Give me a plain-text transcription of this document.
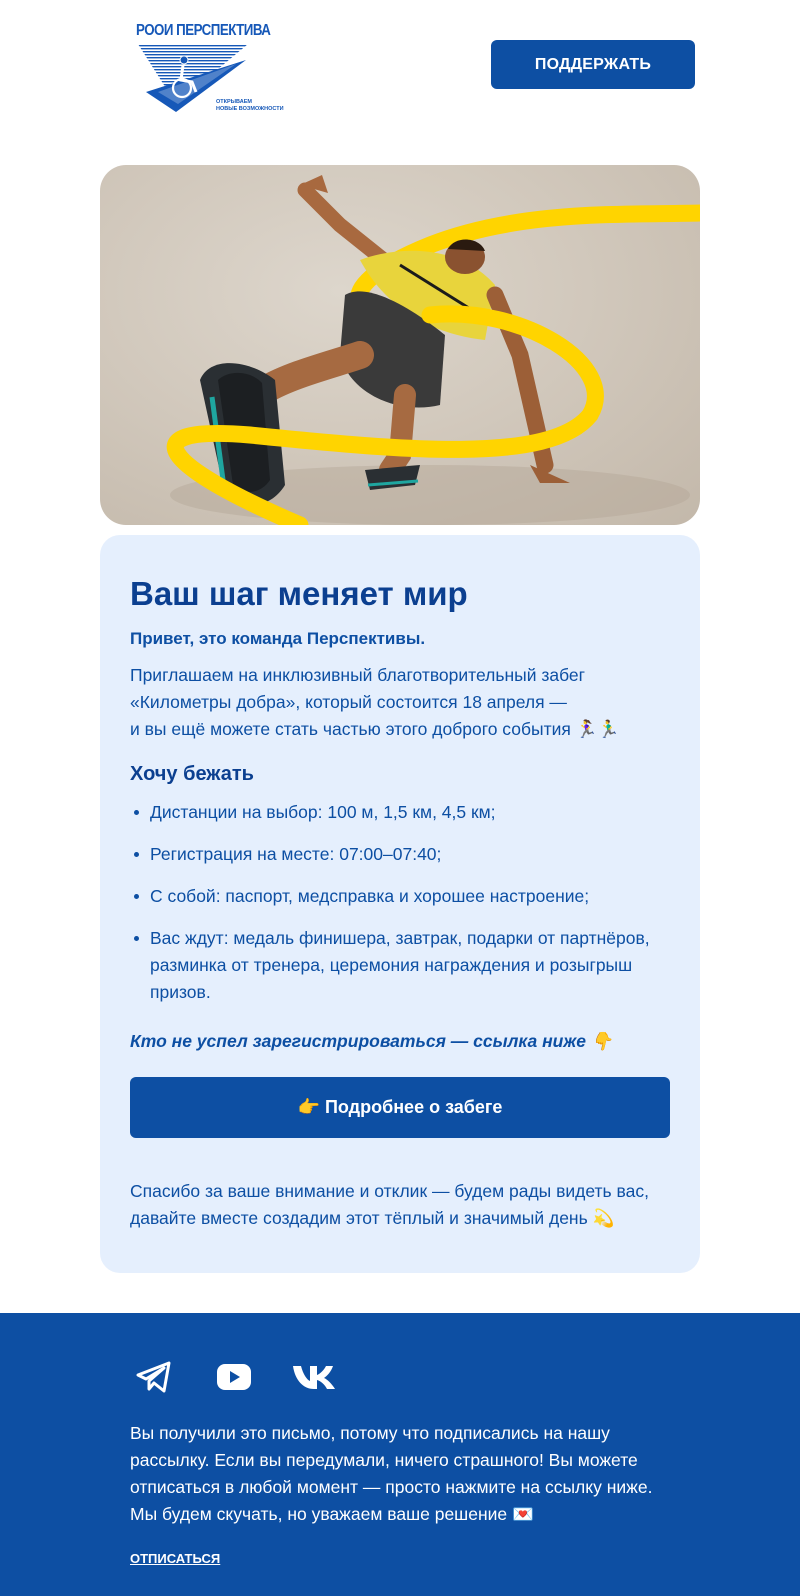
РООИ ПЕРСПЕКТИВА
ОТКРЫВАЕМ
НОВЫЕ ВОЗМОЖНОСТИ
ПОДДЕРЖАТЬ
Ваш шаг меняет мир
Привет, это команда Перспективы.
Приглашаем на инклюзивный благотворительный забег
«Километры добра», который состоится 18 апреля —
и вы ещё можете стать частью этого доброго события 🏃‍♀️🏃‍♂️
Хочу бежать
Дистанции на выбор: 100 м, 1,5 км, 4,5 км;
Регистрация на месте: 07:00–07:40;
С собой: паспорт, медсправка и хорошее настроение;
Вас ждут: медаль финишера, завтрак, подарки от партнёров, разминка от тренера, церемония награждения и розыгрыш призов.
Кто не успел зарегистрироваться — ссылка ниже 👇
👉 Подробнее о забеге
Спасибо за ваше внимание и отклик — будем рады видеть вас,
давайте вместе создадим этот тёплый и значимый день 💫
Вы получили это письмо, потому что подписались на нашу
рассылку. Если вы передумали, ничего страшного! Вы можете
отписаться в любой момент — просто нажмите на ссылку ниже.
Мы будем скучать, но уважаем ваше решение 💌
ОТПИСАТЬСЯ
